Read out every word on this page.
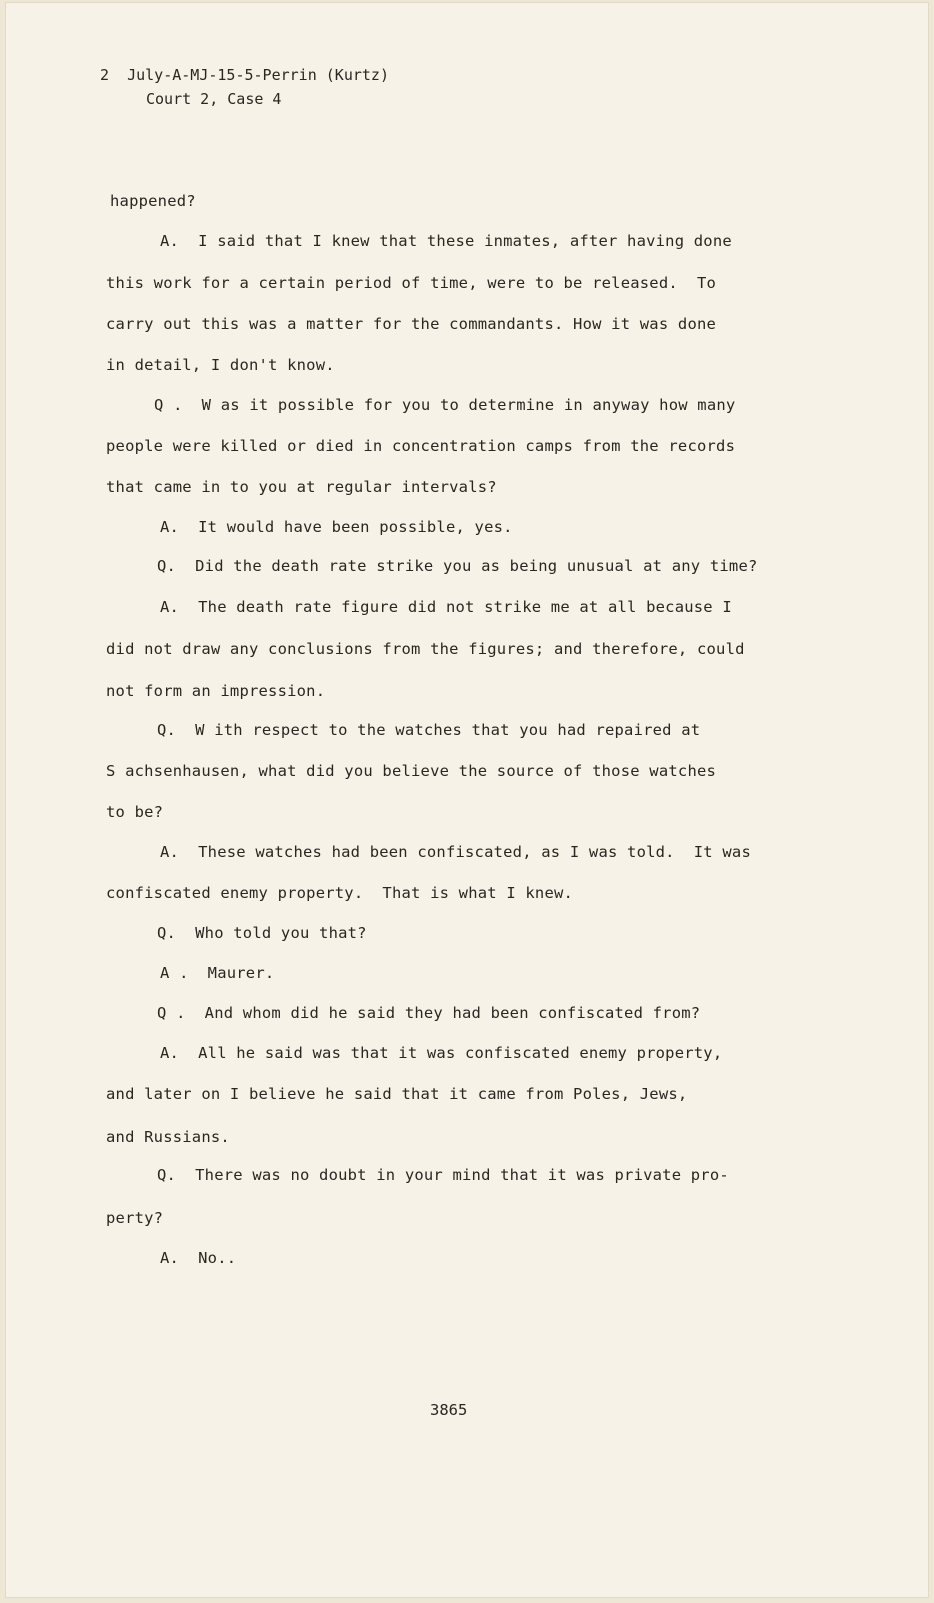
2  July-A-MJ-15-5-Perrin (Kurtz)
Court 2, Case 4
happened?
A.  I said that I knew that these inmates, after having done
this work for a certain period of time, were to be released.  To
carry out this was a matter for the commandants. How it was done
in detail, I don't know.
Q .  W as it possible for you to determine in anyway how many
people were killed or died in concentration camps from the records
that came in to you at regular intervals?
A.  It would have been possible, yes.
Q.  Did the death rate strike you as being unusual at any time?
A.  The death rate figure did not strike me at all because I
did not draw any conclusions from the figures; and therefore, could
not form an impression.
Q.  W ith respect to the watches that you had repaired at
S achsenhausen, what did you believe the source of those watches
to be?
A.  These watches had been confiscated, as I was told.  It was
confiscated enemy property.  That is what I knew.
Q.  Who told you that?
A .  Maurer.
Q .  And whom did he said they had been confiscated from?
A.  All he said was that it was confiscated enemy property,
and later on I believe he said that it came from Poles, Jews,
and Russians.
Q.  There was no doubt in your mind that it was private pro-
perty?
A.  No..
3865
